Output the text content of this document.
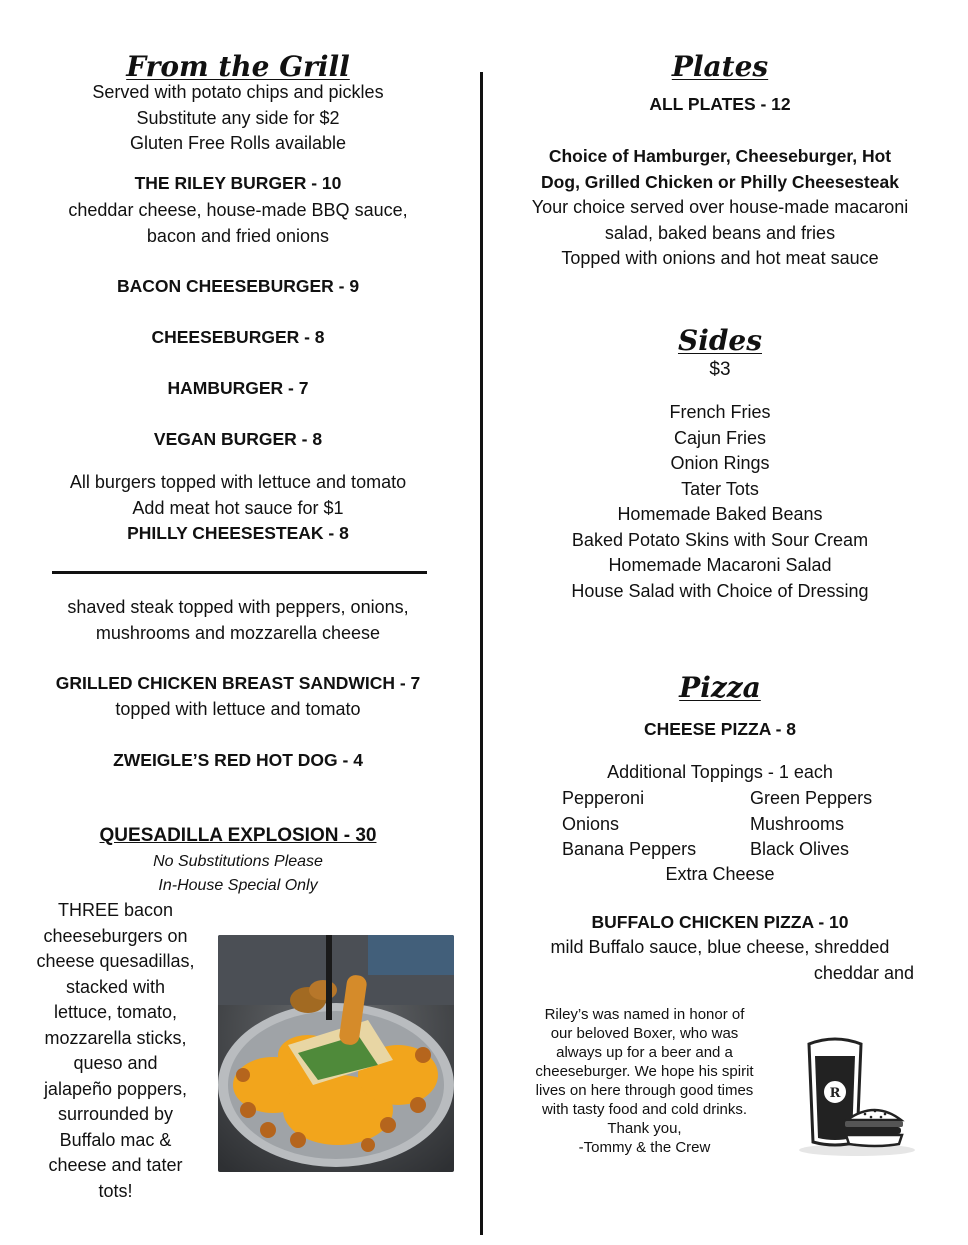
From the Grill
Served with potato chips and pickles
Substitute any side for $2
Gluten Free Rolls available
THE RILEY BURGER - 10
cheddar cheese, house-made BBQ sauce,
bacon and fried onions
BACON CHEESEBURGER - 9
CHEESEBURGER - 8
HAMBURGER - 7
VEGAN BURGER - 8
All burgers topped with lettuce and tomato
Add meat hot sauce for $1
PHILLY CHEESESTEAK - 8
shaved steak topped with peppers, onions,
mushrooms and mozzarella cheese
GRILLED CHICKEN BREAST SANDWICH - 7
topped with lettuce and tomato
ZWEIGLE’S RED HOT DOG - 4
QUESADILLA EXPLOSION - 30
No Substitutions Please
In-House Special Only
THREE bacon
cheeseburgers on
cheese quesadillas,
stacked with
lettuce, tomato,
mozzarella sticks,
queso and
jalapeño poppers,
surrounded by
Buffalo mac &
cheese and tater
tots!
Plates
ALL PLATES - 12
Choice of Hamburger, Cheeseburger, Hot
Dog, Grilled Chicken or Philly Cheesesteak
Your choice served over house-made macaroni
salad, baked beans and fries
Topped with onions and hot meat sauce
Sides
$3
French Fries
Cajun Fries
Onion Rings
Tater Tots
Homemade Baked Beans
Baked Potato Skins with Sour Cream
Homemade Macaroni Salad
House Salad with Choice of Dressing
Pizza
CHEESE PIZZA - 8
Additional Toppings - 1 each
Pepperoni
Onions
Banana Peppers
Green Peppers
Mushrooms
Black Olives
Extra Cheese
BUFFALO CHICKEN PIZZA - 10
mild Buffalo sauce, blue cheese, shredded
cheddar and
Riley’s was named in honor of
our beloved Boxer, who was
always up for a beer and a
cheeseburger. We hope his spirit
lives on here through good times
with tasty food and cold drinks.
Thank you,
-Tommy & the Crew
R
